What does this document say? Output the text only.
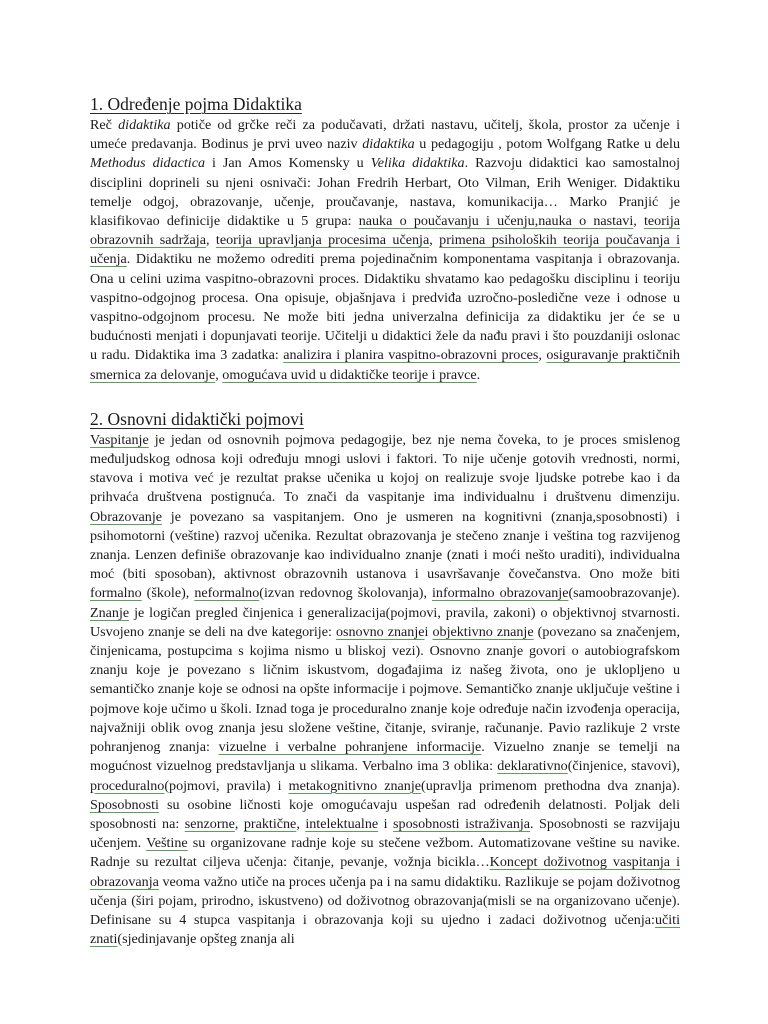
1. Određenje pojma Didaktika

Reč didaktika potiče od grčke reči za podučavati, držati nastavu, učitelj, škola, prostor za učenje i umeće predavanja. Bodinus je prvi uveo naziv didaktika u pedagogiju , potom Wolfgang Ratke u delu Methodus didactica i Jan Amos Komensky u Velika didaktika. Razvoju didaktici kao samostalnoj disciplini doprineli su njeni osnivači: Johan Fredrih Herbart, Oto Vilman, Erih Weniger. Didaktiku temelje odgoj, obrazovanje, učenje, proučavanje, nastava, komunikacija… Marko Pranjić je klasifikovao definicije didaktike u 5 grupa: nauka o poučavanju i učenju,nauka o nastavi, teorija obrazovnih sadržaja, teorija upravljanja procesima učenja, primena psiholoških teorija poučavanja i učenja. Didaktiku ne možemo odrediti prema pojedinačnim komponentama vaspitanja i obrazovanja. Ona u celini uzima vaspitno-obrazovni proces. Didaktiku shvatamo kao pedagošku disciplinu i teoriju vaspitno-odgojnog procesa. Ona opisuje, objašnjava i predviđa uzročno-posledične veze i odnose u vaspitno-odgojnom procesu. Ne može biti jedna univerzalna definicija za didaktiku jer će se u budućnosti menjati i dopunjavati teorije. Učitelji u didaktici žele da nađu pravi i što pouzdaniji oslonac u radu. Didaktika ima 3 zadatka: analizira i planira vaspitno-obrazovni proces, osiguravanje praktičnih smernica za delovanje, omogućava uvid u didaktičke teorije i pravce.

2. Osnovni didaktički pojmovi

Vaspitanje je jedan od osnovnih pojmova pedagogije, bez nje nema čoveka, to je proces smislenog međuljudskog odnosa koji određuju mnogi uslovi i faktori. To nije učenje gotovih vrednosti, normi, stavova i motiva već je rezultat prakse učenika u kojoj on realizuje svoje ljudske potrebe kao i da prihvaća društvena postignuća. To znači da vaspitanje ima individualnu i društvenu dimenziju. Obrazovanje je povezano sa vaspitanjem. Ono je usmeren na kognitivni (znanja,sposobnosti) i psihomotorni (veštine) razvoj učenika. Rezultat obrazovanja je stečeno znanje i veština tog razvijenog znanja. Lenzen definiše obrazovanje kao individualno znanje (znati i moći nešto uraditi), individualna moć (biti sposoban), aktivnost obrazovnih ustanova i usavršavanje čovečanstva. Ono može biti formalno (škole), neformalno(izvan redovnog školovanja), informalno obrazovanje(samoobrazovanje). Znanje je logičan pregled činjenica i generalizacija(pojmovi, pravila, zakoni) o objektivnoj stvarnosti. Usvojeno znanje se deli na dve kategorije: osnovno znanjei objektivno znanje (povezano sa značenjem, činjenicama, postupcima s kojima nismo u bliskoj vezi). Osnovno znanje govori o autobiografskom znanju koje je povezano s ličnim iskustvom, događajima iz našeg života, ono je uklopljeno u semantičko znanje koje se odnosi na opšte informacije i pojmove. Semantičko znanje uključuje veštine i pojmove koje učimo u školi. Iznad toga je proceduralno znanje koje određuje način izvođenja operacija, najvažniji oblik ovog znanja jesu složene veštine, čitanje, sviranje, računanje. Pavio razlikuje 2 vrste pohranjenog znanja: vizuelne i verbalne pohranjene informacije. Vizuelno znanje se temelji na mogućnost vizuelnog predstavljanja u slikama. Verbalno ima 3 oblika: deklarativno(činjenice, stavovi), proceduralno(pojmovi, pravila) i metakognitivno znanje(upravlja primenom prethodna dva znanja). Sposobnosti su osobine ličnosti koje omogućavaju uspešan rad određenih delatnosti. Poljak deli sposobnosti na: senzorne, praktične, intelektualne i sposobnosti istraživanja. Sposobnosti se razvijaju učenjem. Veštine su organizovane radnje koje su stečene vežbom. Automatizovane veštine su navike. Radnje su rezultat ciljeva učenja: čitanje, pevanje, vožnja bicikla…Koncept doživotnog vaspitanja i obrazovanja veoma važno utiče na proces učenja pa i na samu didaktiku. Razlikuje se pojam doživotnog učenja (širi pojam, prirodno, iskustveno) od doživotnog obrazovanja(misli se na organizovano učenje). Definisane su 4 stupca vaspitanja i obrazovanja koji su ujedno i zadaci doživotnog učenja:učiti znati(sjedinjavanje opšteg znanja ali
